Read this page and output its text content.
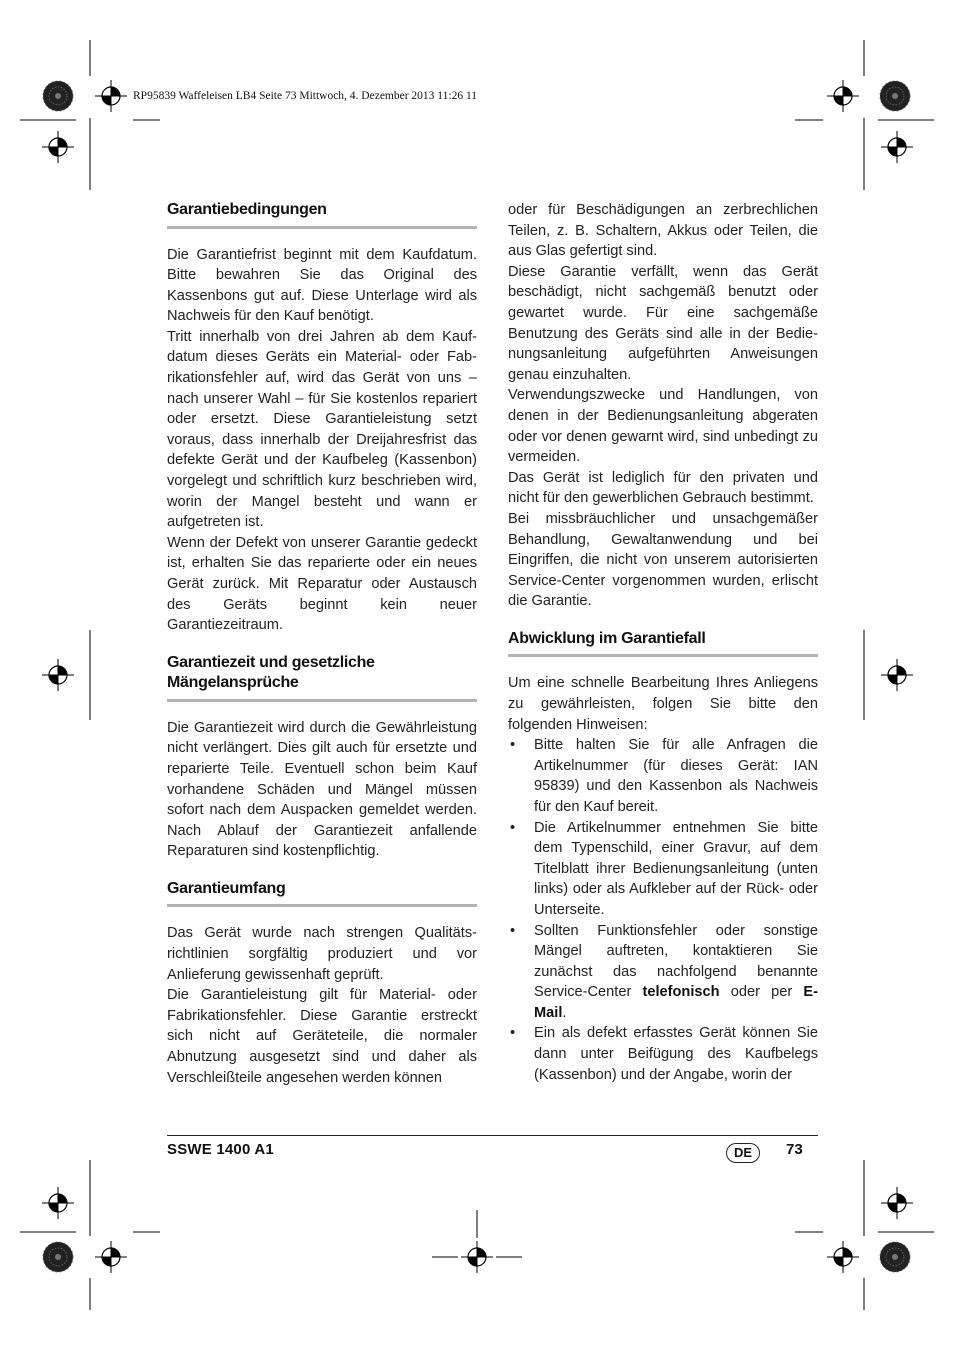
RP95839 Waffeleisen LB4 Seite 73 Mittwoch, 4. Dezember 2013 11:26 11
Garantiebedingungen

Die Garantiefrist beginnt mit dem Kaufdatum. Bitte bewahren Sie das Original des Kassenbons gut auf. Diese Unterlage wird als Nachweis für den Kauf benötigt.

Tritt innerhalb von drei Jahren ab dem Kaufdatum dieses Geräts ein Material- oder Fabrikationsfehler auf, wird das Gerät von uns – nach unserer Wahl – für Sie kostenlos repariert oder ersetzt. Diese Garantieleistung setzt voraus, dass innerhalb der Dreijahresfrist das defekte Gerät und der Kaufbeleg (Kassenbon) vorgelegt und schriftlich kurz beschrieben wird, worin der Mangel besteht und wann er aufgetreten ist.

Wenn der Defekt von unserer Garantie gedeckt ist, erhalten Sie das reparierte oder ein neues Gerät zurück. Mit Reparatur oder Austausch des Geräts beginnt kein neuer Garantiezeitraum.

Garantiezeit und gesetzliche
Mängelansprüche

Die Garantiezeit wird durch die Gewährleistung nicht verlängert. Dies gilt auch für ersetzte und reparierte Teile. Eventuell schon beim Kauf vorhandene Schäden und Mängel müssen sofort nach dem Auspacken gemeldet werden. Nach Ablauf der Garantiezeit anfallende Reparaturen sind kostenpflichtig.

Garantieumfang

Das Gerät wurde nach strengen Qualitätsrichtlinien sorgfältig produziert und vor Anlieferung gewissenhaft geprüft.

Die Garantieleistung gilt für Material- oder Fabrikationsfehler. Diese Garantie erstreckt sich nicht auf Geräteteile, die normaler Abnutzung ausgesetzt sind und daher als Verschleißteile angesehen werden können

oder für Beschädigungen an zerbrechlichen Teilen, z. B. Schaltern, Akkus oder Teilen, die aus Glas gefertigt sind.

Diese Garantie verfällt, wenn das Gerät beschädigt, nicht sachgemäß benutzt oder gewartet wurde. Für eine sachgemäße Benutzung des Geräts sind alle in der Bedienungsanleitung aufgeführten Anweisungen genau einzuhalten.

Verwendungszwecke und Handlungen, von denen in der Bedienungsanleitung abgeraten oder vor denen gewarnt wird, sind unbedingt zu vermeiden.

Das Gerät ist lediglich für den privaten und nicht für den gewerblichen Gebrauch bestimmt.

Bei missbräuchlicher und unsachgemäßer Behandlung, Gewaltanwendung und bei Eingriffen, die nicht von unserem autorisierten Service-Center vorgenommen wurden, erlischt die Garantie.

Abwicklung im Garantiefall

Um eine schnelle Bearbeitung Ihres Anliegens zu gewährleisten, folgen Sie bitte den folgenden Hinweisen:

• Bitte halten Sie für alle Anfragen die Artikelnummer (für dieses Gerät: IAN 95839) und den Kassenbon als Nachweis für den Kauf bereit.
• Die Artikelnummer entnehmen Sie bitte dem Typenschild, einer Gravur, auf dem Titelblatt ihrer Bedienungsanleitung (unten links) oder als Aufkleber auf der Rück- oder Unterseite.
• Sollten Funktionsfehler oder sonstige Mängel auftreten, kontaktieren Sie zunächst das nachfolgend benannte Service-Center telefonisch oder per E-Mail.
• Ein als defekt erfasstes Gerät können Sie dann unter Beifügung des Kaufbelegs (Kassenbon) und der Angabe, worin der
SSWE 1400 A1	DE	73
